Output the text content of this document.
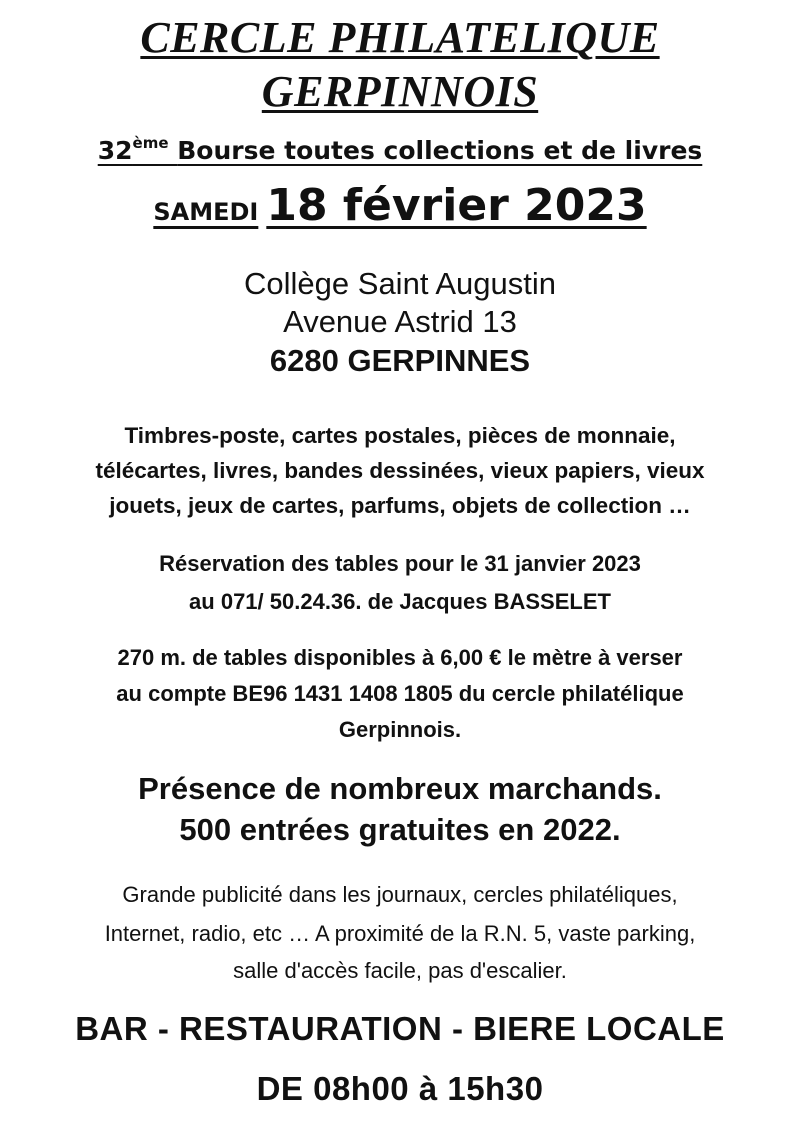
CERCLE PHILATELIQUE
GERPINNOIS
32ème Bourse toutes collections et de livres
SAMEDI 18 février 2023
Collège Saint Augustin
Avenue Astrid 13
6280 GERPINNES
Timbres-poste, cartes postales, pièces de monnaie,
télécartes, livres, bandes dessinées, vieux papiers, vieux
jouets, jeux de cartes, parfums, objets de collection …
Réservation des tables pour le 31 janvier 2023
au 071/ 50.24.36. de Jacques BASSELET
270 m. de tables disponibles à 6,00 € le mètre à verser
au compte BE96 1431 1408 1805 du cercle philatélique
Gerpinnois.
Présence de nombreux marchands.
500 entrées gratuites en 2022.
Grande publicité dans les journaux, cercles philatéliques,
Internet, radio, etc … A proximité de la R.N. 5, vaste parking,
salle d'accès facile, pas d'escalier.
BAR - RESTAURATION - BIERE LOCALE
DE 08h00 à 15h30
